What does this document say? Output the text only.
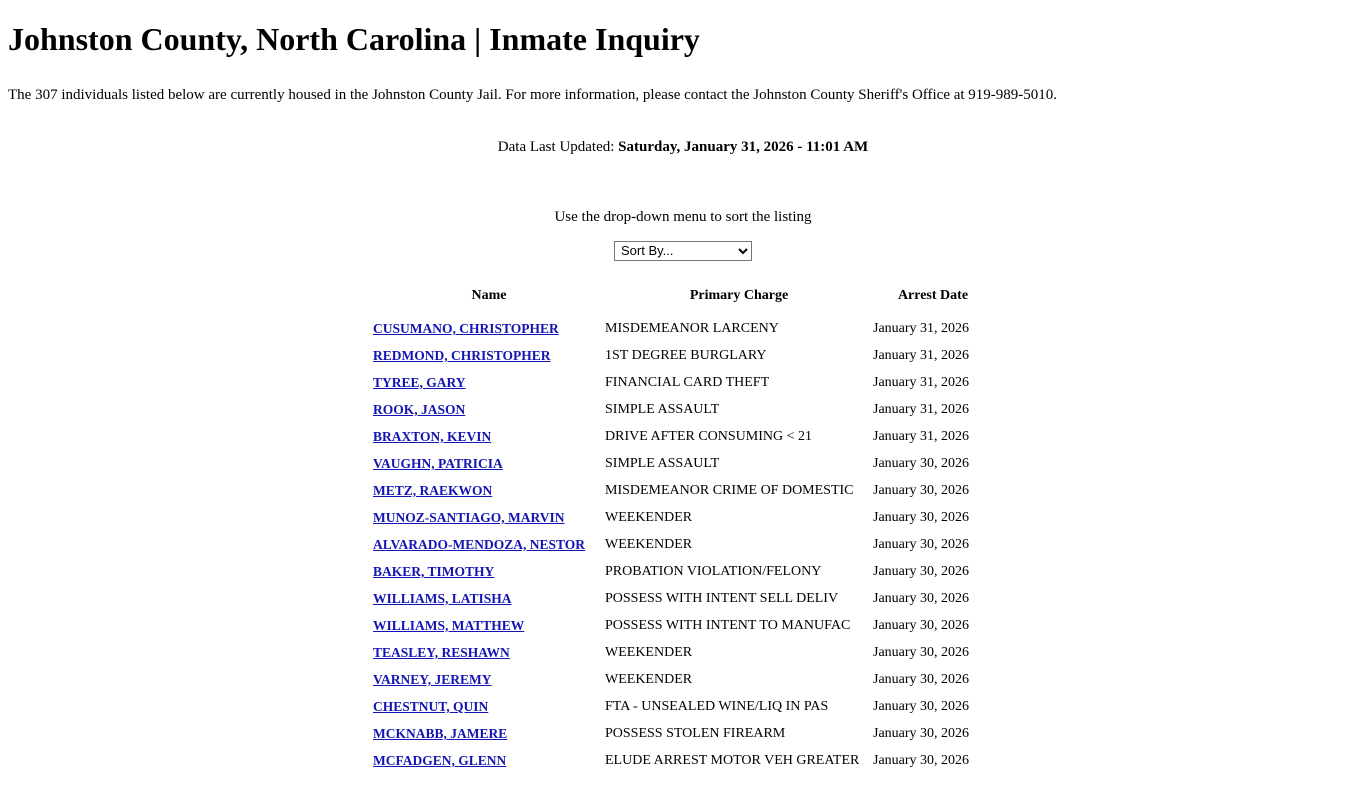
Johnston County, North Carolina | Inmate Inquiry

The 307 individuals listed below are currently housed in the Johnston County Jail. For more information, please contact the Johnston County Sheriff's Office at 919-989-5010.

Data Last Updated: Saturday, January 31, 2026 - 11:01 AM

Use the drop-down menu to sort the listing

Sort By...
Name	Primary Charge	Arrest Date
CUSUMANO, CHRISTOPHER	MISDEMEANOR LARCENY	January 31, 2026
REDMOND, CHRISTOPHER	1ST DEGREE BURGLARY	January 31, 2026
TYREE, GARY	FINANCIAL CARD THEFT	January 31, 2026
ROOK, JASON	SIMPLE ASSAULT	January 31, 2026
BRAXTON, KEVIN	DRIVE AFTER CONSUMING < 21	January 31, 2026
VAUGHN, PATRICIA	SIMPLE ASSAULT	January 30, 2026
METZ, RAEKWON	MISDEMEANOR CRIME OF DOMESTIC	January 30, 2026
MUNOZ-SANTIAGO, MARVIN	WEEKENDER	January 30, 2026
ALVARADO-MENDOZA, NESTOR	WEEKENDER	January 30, 2026
BAKER, TIMOTHY	PROBATION VIOLATION/FELONY	January 30, 2026
WILLIAMS, LATISHA	POSSESS WITH INTENT SELL DELIV	January 30, 2026
WILLIAMS, MATTHEW	POSSESS WITH INTENT TO MANUFAC	January 30, 2026
TEASLEY, RESHAWN	WEEKENDER	January 30, 2026
VARNEY, JEREMY	WEEKENDER	January 30, 2026
CHESTNUT, QUIN	FTA - UNSEALED WINE/LIQ IN PAS	January 30, 2026
MCKNABB, JAMERE	POSSESS STOLEN FIREARM	January 30, 2026
MCFADGEN, GLENN	ELUDE ARREST MOTOR VEH GREATER	January 30, 2026
